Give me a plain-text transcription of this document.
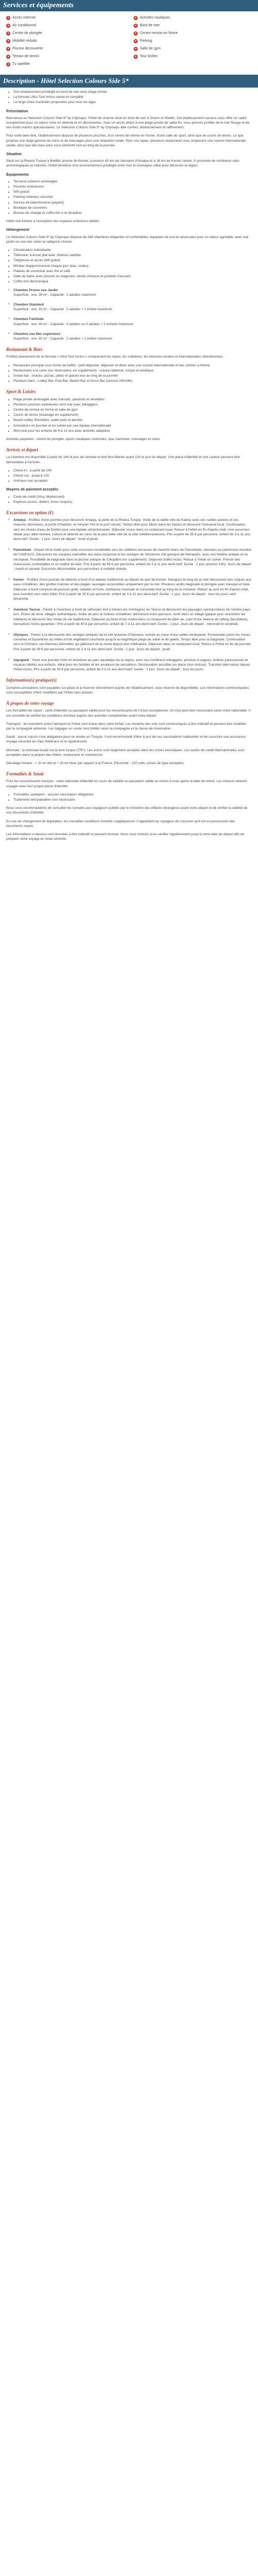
Services et équipements
● Accès Internet	● Activités nautiques
● Air conditionné	● Bord de mer
● Centre de plongée	● Centre remise en forme
● Mobilité réduite	● Parking
● Piscine découverte	● Salle de gym
● Terrain de tennis	● Tour boîtes
● Tv satellite
Description - Hôtel Selection Colours Side 5*
• Son emplacement privilégié en bord de mer avec plage privée
• La formule Ultra Tout Inclus variée et complète
• Le large choix d'activités proposées pour tous les âges
Présentation

Bienvenue au Selection Colours Side 5* by Citymaps, l'hôtel de charme situé en bord de mer à Sharm el Sheikh. Cet établissement luxueux vous offre un cadre exceptionnel pour un séjour riche en détente et en découvertes. Avec un accès direct à une plage privée de sable fin, vous pourrez profiter de la mer Rouge et de ses fonds marins spectaculaires. Le Selection Colours Side 5* by Citymaps allie confort, divertissement et raffinement.

Pour votre bien-être, l'établissement dispose de plusieurs piscines, d'un centre de remise en forme, d'une salle de sport, ainsi que de courts de tennis. Le spa propose une large gamme de soins et de massages pour une relaxation totale. Pour vos repas, plusieurs restaurants vous proposent une cuisine internationale variée, ainsi que des bars pour vous rafraîchir tout au long de la journée.

Situation

Situé sur la Riviera Turque à Beldibi, proche de Kemer, à environ 40 km de l'aéroport d'Antalya et à 16 km de Kemer centre. À proximité de nombreux sites archéologiques et naturels, l'hôtel bénéficie d'un environnement privilégié entre mer et montagne, idéal pour découvrir la région.

Équipements
• Terrasse solarium aménagée
• Piscines extérieures
• Wifi gratuit
• Parking extérieur sécurisé
• Service de blanchisserie (payant)
• Boutique de souvenirs
• Bureau de change et coffre-fort à la réception

Hôtel non-fumeur à l'exception des espaces extérieurs dédiés.

Hébergement

Le Selection Colours Side 5* by Citymaps dispose de 246 chambres élégantes et confortables, équipées de tout le nécessaire pour un séjour agréable, avec vue jardin ou vue mer selon la catégorie choisie.

• Climatisation individuelle
• Télévision à écran plat avec chaînes satellite
• Téléphone et accès Wifi gratuit
• Minibar réapprovisionné chaque jour (eau, sodas)
• Plateau de courtoisie avec thé et café
• Salle de bains avec douche ou baignoire, sèche-cheveux et produits d'accueil
• Coffre-fort électronique
• Chambre Promo vue Jardin
Superficie : env. 28 m² - Capacité : 2 adultes maximum
• Chambre Standard
Superficie : env. 32 m² - Capacité : 2 adultes + 1 enfant maximum
• Chambre Familiale
Superficie : env. 45 m² - Capacité : 4 adultes ou 2 adultes + 2 enfants maximum
• Chambre vue Mer supérieure
Superficie : env. 32 m² - Capacité : 2 adultes + 1 enfant maximum
Restaurant & Bars

Profitez pleinement de la formule « Ultra Tout Inclus » comprenant les repas, les collations, les boissons locales et internationales sélectionnées.

• Restaurant principal sous forme de buffet : petit-déjeuner, déjeuner et dîner avec une cuisine internationale et des soirées à thème
• Restaurants à la carte (sur réservation, en supplément) : cuisine italienne, turque et asiatique
• Snack-bar : snacks, pizzas, pâtes et glaces tout au long de la journée
• Plusieurs bars : Lobby Bar, Pool Bar, Beach Bar et Disco Bar (service 24h/24h)
Sport & Loisirs
• Plage privée aménagée avec transats, parasols et serviettes
• Plusieurs piscines extérieures dont une avec toboggans
• Centre de remise en forme et salle de gym
• Courts de tennis (éclairage en supplément)
• Beach-volley, fléchettes, water-polo et aérobic
• Animations en journée et en soirée par une équipe internationale
• Mini-club pour les enfants de 4 à 12 ans avec activités adaptées

Activités payantes : centre de plongée, sports nautiques motorisés, spa, hammam, massages et soins.

Arrivée et départ

La chambre est disponible à partir de 14h le jour de l'arrivée et doit être libérée avant 12h le jour du départ. Une pièce d'identité et une caution peuvent être demandées à l'arrivée.

• Check-in : à partir de 14h
• Check-out : jusqu'à 12h
• Animaux non acceptés
Moyens de paiement acceptés
• Carte de crédit (Visa, Mastercard)
• Espèces (euros, dollars, livres turques)
Excursions en option (€)
• Antalya : Profitez d'une journée pour découvrir Antalya, la perle de la Riviera Turque. Visite de la vieille ville de Kaleiçi avec ses ruelles pavées et ses maisons ottomanes, la porte d'Hadrien, le minaret Yivli et le port romain. Temps libre pour flâner dans les bazars et découvrir l'artisanat local. Continuation vers les chutes d'eau de Düden pour une balade rafraîchissante. Déjeuner inclus dans un restaurant local. Retour à l'hôtel en fin d'après-midi. Une excursion idéale pour allier histoire, culture et détente au cœur de la plus belle ville de la côte méditerranéenne. Prix à partir de 35 € par personne, enfant de 3 à 11 ans demi-tarif. Durée : 1 jour. Jours de départ : lundi et jeudi.
• Pamukkale : Départ tôt le matin pour cette excursion inoubliable vers les célèbres terrasses de travertin blanc de Pamukkale, classées au patrimoine mondial de l'UNESCO. Découvrez les vasques naturelles aux eaux turquoise et les vestiges de l'ancienne cité grecque de Hiérapolis, avec son théâtre antique et sa nécropole. Possibilité de baignade dans la piscine antique de Cléopâtre (en supplément). Déjeuner buffet inclus. Retour à l'hôtel en soirée. Prévoir des chaussures confortables et un maillot de bain. Prix à partir de 55 € par personne, enfant de 3 à 11 ans demi-tarif. Durée : 1 jour (environ 14h). Jours de départ : mardi et samedi. Excursion déconseillée aux personnes à mobilité réduite.
• Kemer : Profitez d'une journée de détente à bord d'un bateau traditionnel au départ du port de Kemer. Naviguez le long de la côte découvrant des criques aux eaux cristallines, des grottes marines et des plages sauvages accessibles uniquement par la mer. Plusieurs arrêts baignade et plongée avec masque et tuba. Déjeuner à bord composé de poisson grillé, salades et fruits. Ambiance musicale et conviviale tout au long de la croisière. Retour au port en fin d'après-midi, puis transfert vers votre hôtel. Prix à partir de 25 € par personne, enfant de 3 à 11 ans demi-tarif. Durée : 1 jour. Jours de départ : tous les jours sauf dimanche.
• Aventure Taurus : Partez à l'aventure à bord de véhicules 4x4 à travers les montagnes du Taurus et découvrez les paysages spectaculaires de l'arrière-pays turc. Pistes de terre, villages authentiques, forêts de pins et rivières cristallines rythmeront votre parcours. Arrêt dans un village typique pour rencontrer les habitants et découvrir leur mode de vie traditionnel. Déjeuner au bord d'une rivière dans un restaurant de plein air, suivi d'une séance de rafting (facultative). Sensations fortes garanties ! Prix à partir de 40 € par personne, enfant de 7 à 11 ans demi-tarif. Durée : 1 jour. Jours de départ : mercredi et vendredi.
• Olympos : Partez à la découverte des vestiges antiques de la cité lycienne d'Olympos, nichée au cœur d'une vallée verdoyante. Promenade parmi les ruines romaines et byzantines au milieu d'une végétation luxuriante jusqu'à la magnifique plage de sable et de galets. Temps libre pour la baignade. Continuation vers la Chimère, ces flammes éternelles qui jaillissent de la roche depuis des millénaires. Déjeuner dans un restaurant local. Retour à l'hôtel en fin de journée. Prix à partir de 38 € par personne, enfant de 3 à 11 ans demi-tarif. Durée : 1 jour. Jours de départ : jeudi.
• Aquapark : Vivez une journée riche en émotions au parc aquatique de la région, avec ses nombreux toboggans, piscines à vagues, rivières paresseuses et espaces dédiés aux enfants. Idéal pour les familles et les amateurs de sensations. Restauration possible sur place (non incluse). Transfert aller-retour depuis l'hôtel inclus. Prix à partir de 30 € par personne, enfant de 3 à 11 ans demi-tarif. Durée : 1 jour. Jours de départ : tous les jours.
Information(s) pratique(s)

Certaines prestations sont payables sur place et à réserver directement auprès de l'établissement, sous réserve de disponibilité. Les informations communiquées sont susceptibles d'être modifiées par l'hôtel sans préavis.

À propos de votre voyage

Les formalités de séjour : carte d'identité ou passeport valide pour les ressortissants de l'Union européenne. Un visa peut être nécessaire selon votre nationalité. Il est conseillé de vérifier les conditions d'entrée auprès des autorités compétentes avant votre départ.

Transport : les transferts entre l'aéroport et l'hôtel sont inclus dans votre forfait. Les horaires des vols sont communiqués à titre indicatif et peuvent être modifiés par la compagnie aérienne. Les bagages en soute sont limités selon la compagnie et la classe de réservation.

Santé : aucun vaccin n'est obligatoire pour se rendre en Turquie. Il est recommandé d'être à jour de ses vaccinations habituelles et de souscrire une assurance voyage couvrant les frais médicaux et le rapatriement.

Monnaie : la monnaie locale est la livre turque (TRY). Les euros sont largement acceptés dans les zones touristiques. Les cartes de crédit internationales sont acceptées dans la plupart des hôtels, restaurants et commerces.

Décalage horaire : + 1h en été et + 2h en hiver par rapport à la France. Électricité : 220 volts, prises de type européen.

Formalités & Santé

Pour les ressortissants français : carte nationale d'identité en cours de validité ou passeport valide au moins 6 mois après la date de retour. Les mineurs doivent voyager avec leur propre pièce d'identité.

• Formalités sanitaires : aucune vaccination obligatoire
• Traitement anti-paludéen non nécessaire

Nous vous recommandons de consulter les conseils aux voyageurs publiés par le ministère des Affaires étrangères avant votre départ et de vérifier la validité de vos documents d'identité.

En cas de changement de législation, les nouvelles conditions d'entrée s'appliqueront. Il appartient au voyageur de s'assurer qu'il est en possession des documents requis.

Les informations ci-dessus sont données à titre indicatif et peuvent évoluer. Nous vous invitons à les vérifier régulièrement jusqu'à votre date de départ afin de préparer votre voyage en toute sérénité.
